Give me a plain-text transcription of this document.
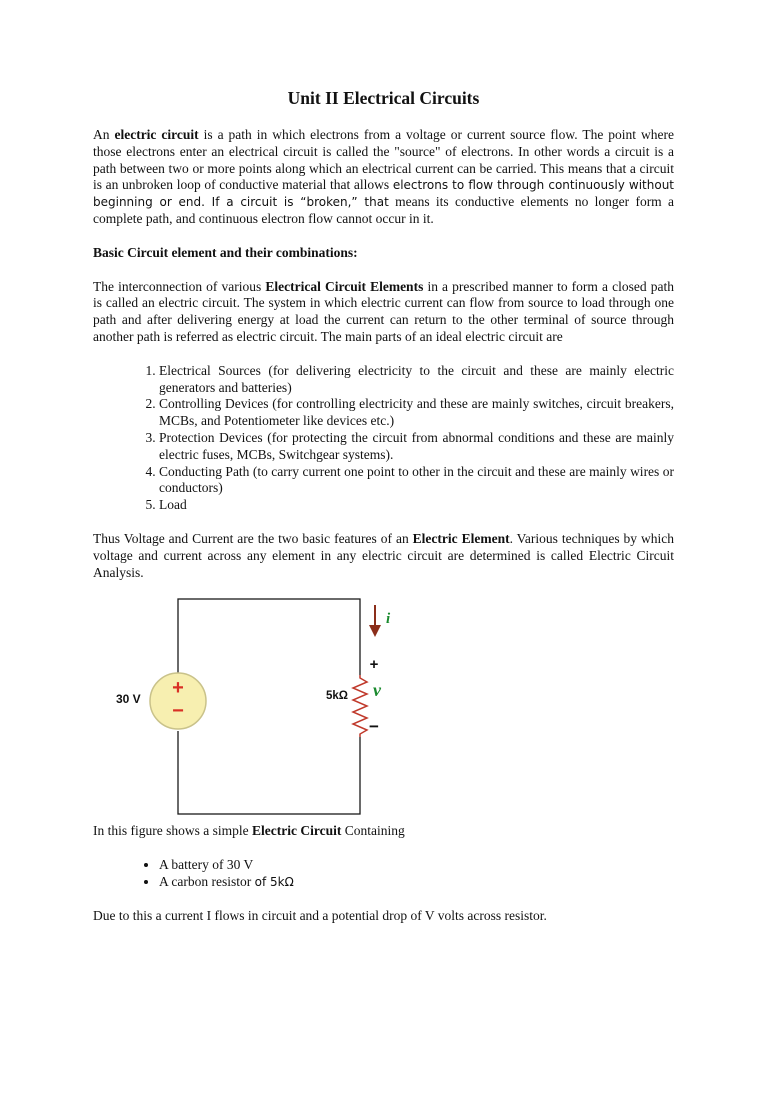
Unit II Electrical Circuits

An electric circuit is a path in which electrons from a voltage or current source flow. The point where those electrons enter an electrical circuit is called the "source" of electrons. In other words a circuit is a path between two or more points along which an electrical current can be carried. This means that a circuit is an unbroken loop of conductive material that allows electrons to flow through continuously without beginning or end. If a circuit is “broken,” that means its conductive elements no longer form a complete path, and continuous electron flow cannot occur in it.

Basic Circuit element and their combinations:

The interconnection of various Electrical Circuit Elements in a prescribed manner to form a closed path is called an electric circuit. The system in which electric current can flow from source to load through one path and after delivering energy at load the current can return to the other terminal of source through another path is referred as electric circuit. The main parts of an ideal electric circuit are

1. Electrical Sources (for delivering electricity to the circuit and these are mainly electric generators and batteries)
2. Controlling Devices (for controlling electricity and these are mainly switches, circuit breakers, MCBs, and Potentiometer like devices etc.)
3. Protection Devices (for protecting the circuit from abnormal conditions and these are mainly electric fuses, MCBs, Switchgear systems).
4. Conducting Path (to carry current one point to other in the circuit and these are mainly wires or conductors)
5. Load

Thus Voltage and Current are the two basic features of an Electric Element. Various techniques by which voltage and current across any element in any electric circuit are determined is called Electric Circuit Analysis.

+
−
30 V	5kΩ
i
+
v
−

In this figure shows a simple Electric Circuit Containing

• A battery of 30 V
• A carbon resistor of 5kΩ

Due to this a current I flows in circuit and a potential drop of V volts across resistor.
